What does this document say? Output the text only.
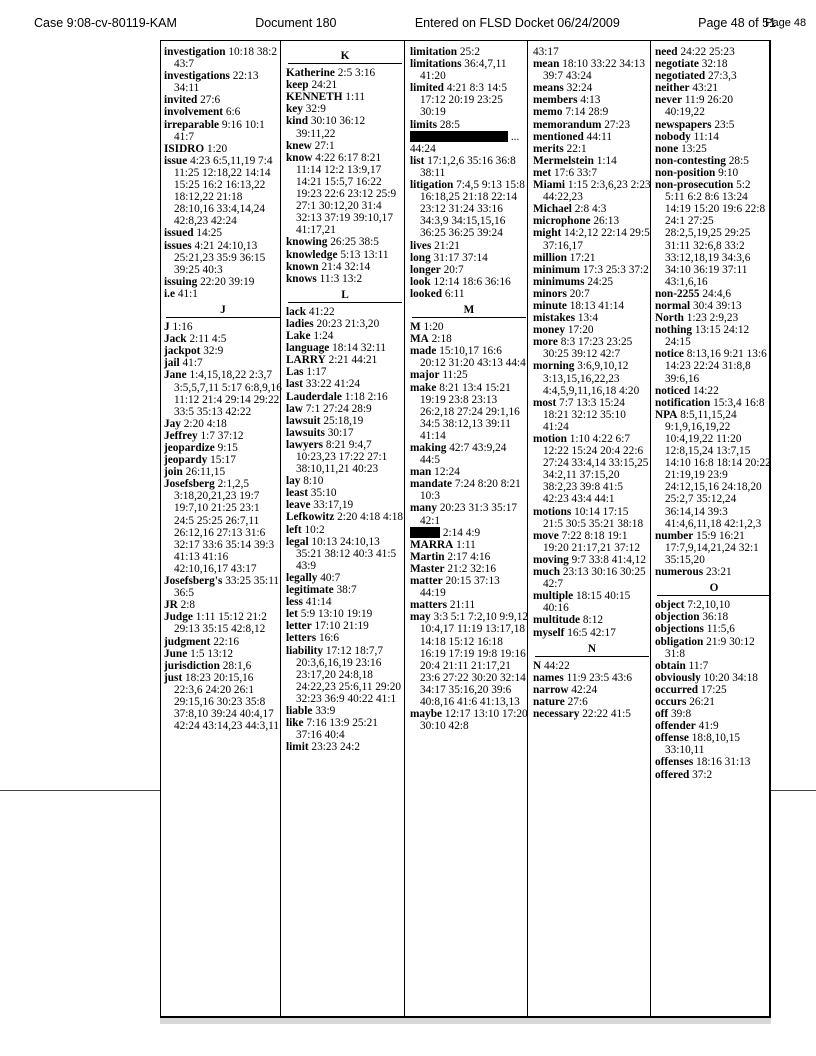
Case 9:08-cv-80119-KAM	Document 180	Entered on FLSD Docket 06/24/2009	Page 48 of 51
Page 48
investigation 10:18 38:2 43:7
investigations 22:13 34:11
invited 27:6
involvement 6:6
irreparable 9:16 10:1 41:7
ISIDRO 1:20
issue 4:23 6:5,11,19 7:4 11:25 12:18,22 14:14 15:25 16:2 16:13,22 18:12,22 21:18 28:10,16 33:4,14,24 42:8,23 42:24
issued 14:25
issues 4:21 24:10,13 25:21,23 35:9 36:15 39:25 40:3
issuing 22:20 39:19
i.e 41:1
J
J 1:16
Jack 2:11 4:5
jackpot 32:9
jail 41:7
Jane 1:4,15,18,22 2:3,7 3:5,5,7,11 5:17 6:8,9,16 11:12 21:4 29:14 29:22 33:5 35:13 42:22
Jay 2:20 4:18
Jeffrey 1:7 37:12
jeopardize 9:15
jeopardy 15:17
join 26:11,15
Josefsberg 2:1,2,5 3:18,20,21,23 19:7 19:7,10 21:25 23:1 24:5 25:25 26:7,11 26:12,16 27:13 31:6 32:17 33:6 35:14 39:3 41:13 41:16 42:10,16,17 43:17
Josefsberg's 33:25 35:11 36:5
JR 2:8
Judge 1:11 15:12 21:2 29:13 35:15 42:8,12
judgment 22:16
June 1:5 13:12
jurisdiction 28:1,6
just 18:23 20:15,16 22:3,6 24:20 26:1 29:15,16 30:23 35:8 37:8,10 39:24 40:4,17 42:24 43:14,23 44:3,11
K
Katherine 2:5 3:16
keep 24:21
KENNETH 1:11
key 32:9
kind 30:10 36:12 39:11,22
knew 27:1
know 4:22 6:17 8:21 11:14 12:2 13:9,17 14:21 15:5,7 16:22 19:23 22:6 23:12 25:9 27:1 30:12,20 31:4 32:13 37:19 39:10,17 41:17,21
knowing 26:25 38:5
knowledge 5:13 13:11
known 21:4 32:14
knows 11:3 13:2
L
lack 41:22
ladies 20:23 21:3,20
Lake 1:24
language 18:14 32:11
LARRY 2:21 44:21
Las 1:17
last 33:22 41:24
Lauderdale 1:18 2:16
law 7:1 27:24 28:9
lawsuit 25:18,19
lawsuits 30:17
lawyers 8:21 9:4,7 10:23,23 17:22 27:1 38:10,11,21 40:23
lay 8:10
least 35:10
leave 33:17,19
Lefkowitz 2:20 4:18 4:18
left 10:2
legal 10:13 24:10,13 35:21 38:12 40:3 41:5 43:9
legally 40:7
legitimate 38:7
less 41:14
let 5:9 13:10 19:19
letter 17:10 21:19
letters 16:6
liability 17:12 18:7,7 20:3,6,16,19 23:16 23:17,20 24:8,18 24:22,23 25:6,11 29:20 32:23 36:9 40:22 41:1
liable 33:9
like 7:16 13:9 25:21 37:16 40:4
limit 23:23 24:2
limitation 25:2
limitations 36:4,7,11 41:20
limited 4:21 8:3 14:5 17:12 20:19 23:25 30:19
limits 28:5
...
44:24
list 17:1,2,6 35:16 36:8 38:11
litigation 7:4,5 9:13 15:8 16:18,25 21:18 22:14 23:12 31:24 33:16 34:3,9 34:15,15,16 36:25 36:25 39:24
lives 21:21
long 31:17 37:14
longer 20:7
look 12:14 18:6 36:16
looked 6:11
M
M 1:20
MA 2:18
made 15:10,17 16:6 20:12 31:20 43:13 44:4
major 11:25
make 8:21 13:4 15:21 19:19 23:8 23:13 26:2,18 27:24 29:1,16 34:5 38:12,13 39:11 41:14
making 42:7 43:9,24 44:5
man 12:24
mandate 7:24 8:20 8:21 10:3
many 20:23 31:3 35:17 42:1
2:14 4:9
MARRA 1:11
Martin 2:17 4:16
Master 21:2 32:16
matter 20:15 37:13 44:19
matters 21:11
may 3:3 5:1 7:2,10 9:9,12 10:4,17 11:19 13:17,18 14:18 15:12 16:18 16:19 17:19 19:8 19:16 20:4 21:11 21:17,21 23:6 27:22 30:20 32:14 34:17 35:16,20 39:6 40:8,16 41:6 41:13,13
maybe 12:17 13:10 17:20 30:10 42:8
43:17
mean 18:10 33:22 34:13 39:7 43:24
means 32:24
members 4:13
memo 7:14 28:9
memorandum 27:23
mentioned 44:11
merits 22:1
Mermelstein 1:14
met 17:6 33:7
Miami 1:15 2:3,6,23 2:23 44:22,23
Michael 2:8 4:3
microphone 26:13
might 14:2,12 22:14 29:5 37:16,17
million 17:21
minimum 17:3 25:3 37:2
minimums 24:25
minors 20:7
minute 18:13 41:14
mistakes 13:4
money 17:20
more 8:3 17:23 23:25 30:25 39:12 42:7
morning 3:6,9,10,12 3:13,15,16,22,23 4:4,5,9,11,16,18 4:20
most 7:7 13:3 15:24 18:21 32:12 35:10 41:24
motion 1:10 4:22 6:7 12:22 15:24 20:4 22:6 27:24 33:4,14 33:15,25 34:2,11 37:15,20 38:2,23 39:8 41:5 42:23 43:4 44:1
motions 10:14 17:15 21:5 30:5 35:21 38:18
move 7:22 8:18 19:1 19:20 21:17,21 37:12
moving 9:7 33:8 41:4,12
much 23:13 30:16 30:25 42:7
multiple 18:15 40:15 40:16
multitude 8:12
myself 16:5 42:17
N
N 44:22
names 11:9 23:5 43:6
narrow 42:24
nature 27:6
necessary 22:22 41:5
need 24:22 25:23
negotiate 32:18
negotiated 27:3,3
neither 43:21
never 11:9 26:20 40:19,22
newspapers 23:5
nobody 11:14
none 13:25
non-contesting 28:5
non-position 9:10
non-prosecution 5:2 5:11 6:2 8:6 13:24 14:19 15:20 19:6 22:8 24:1 27:25 28:2,5,19,25 29:25 31:11 32:6,8 33:2 33:12,18,19 34:3,6 34:10 36:19 37:11 43:1,6,16
non-2255 24:4,6
normal 30:4 39:13
North 1:23 2:9,23
nothing 13:15 24:12 24:15
notice 8:13,16 9:21 13:6 14:23 22:24 31:8,8 39:6,16
noticed 14:22
notification 15:3,4 16:8
NPA 8:5,11,15,24 9:1,9,16,19,22 10:4,19,22 11:20 12:8,15,24 13:7,15 14:10 16:8 18:14 20:22 21:19,19 23:9 24:12,15,16 24:18,20 25:2,7 35:12,24 36:14,14 39:3 41:4,6,11,18 42:1,2,3
number 15:9 16:21 17:7,9,14,21,24 32:1 35:15,20
numerous 23:21
O
object 7:2,10,10
objection 36:18
objections 11:5,6
obligation 21:9 30:12 31:8
obtain 11:7
obviously 10:20 34:18
occurred 17:25
occurs 26:21
off 39:8
offender 41:9
offense 18:8,10,15 33:10,11
offenses 18:16 31:13
offered 37:2
